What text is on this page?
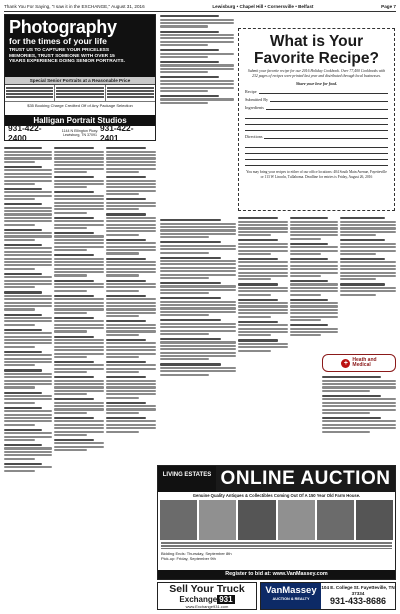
Thank You For Saying, "I saw it in the EXCHANGE," August 31, 2016	Lewisburg • Chapel Hill • Cornersville • Belfast	Page 7
Photography
for the times of your life
TRUST US TO CAPTURE YOUR PRICELESS
MEMORIES, TRUST SOMEONE WITH OVER 15
YEARS EXPERIENCE DOING SENIOR PORTRAITS.
Special Senior Portraits at a Reasonable Price
$35 Booking Charge Credited Off of Any Package Selection
Halligan Portrait Studios
931-422-2400
1144 N Ellington Pkwy. Lewisburg, TN 37091
931-422-2401
What is Your
Favorite Recipe?
Submit your favorite recipe for our 2016 Holiday Cookbook. Over 77,400 Cookbooks with 232 pages of recipes were printed last year and distributed through local businesses.
Share your love for food.
Recipe
Submitted By
Ingredients
Directions
You may bring your recipes to either of our office locations: 404 South Main Avenue, Fayetteville or 113 W Lincoln, Tullahoma. Deadline for entries is Friday, August 26, 2016
+ Heath and
Medical
LIVING ESTATES ONLINE AUCTION
Genuine Quality Antiques & Collectibles Coming Out Of A 150 Year Old Farm House.
Bidding Ends: Thursday, September 8th
Pick-up: Friday, September 9th
Register to bid at: www.VanMassey.com
Sell Your Truck
Exchange 931
www.Exchange931.com
VanMassey
AUCTION & REALTY
104 E. College St. Fayetteville, TN 37334
931-433-8686
